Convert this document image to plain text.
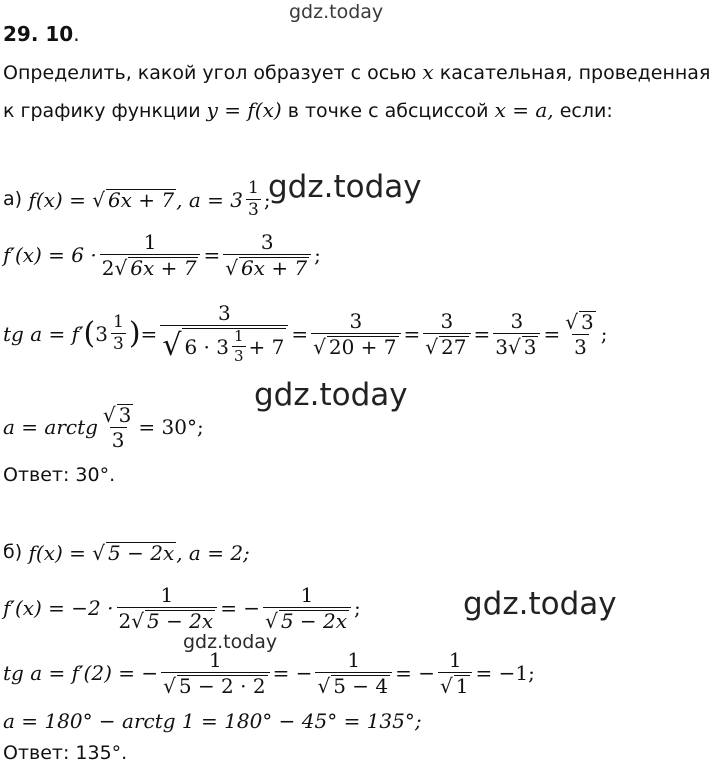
gdz.today
gdz.today
gdz.today
gdz.today
gdz.today
29. 10.
Определить, какой угол образует с осью x касательная, проведенная
к графику функции y = f(x) в точке с абсциссой x = a, если:
а)
f(x) =
√ 6x + 7 , $a = 3 \frac{1}{3}$ ;
$f'(x) = 6 \cdot \frac{1}{2√ 6x + 7} = \frac{3}{√ 6x + 7}$ ;
tg a = f′ ( $3 \frac{1}{3}$ ) = $\frac{3}{√ 6 \cdot 3 \frac{1}{3} + 7} = \frac{3}{√ 20 + 7} = \frac{3}{√ 27} = \frac{3}{3√ 3} = \frac{√ 3}{3}$ ;
a = arctg $\frac{√ 3}{3} = 30^\circ$;
Ответ: 30°.
б)
f(x) =
√ 5 − 2x , a = 2;
$f'(x) = -2 \cdot \frac{1}{2√ 5 - 2x}$ = − $\frac{1}{√ 5 - 2x}$ ;
tg a = f′(2) = − $\frac{1}{√ 5 - 2 \cdot 2}$ = − $\frac{1}{√ 5 - 4}$ = − $\frac{1}{√ 1} = -1$;
a = 180° − arctg 1 = 180° − 45° = 135°;
Ответ: 135°.
